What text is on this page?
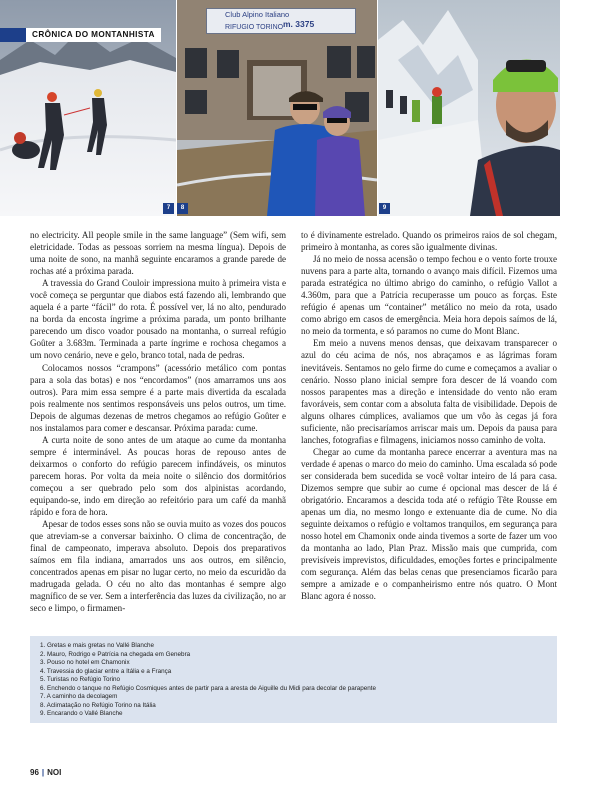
Club Alpino Italiano
m. 3375
RIFUGIO TORINO
CRÔNICA DO MONTANHISTA
7	8	9

no electricity. All people smile in the same language” (Sem wifi, sem eletricidade. Todas as pessoas sorriem na mesma língua). Depois de uma noite de sono, na manhã seguinte encaramos a grande parede de rochas até a próxima parada.

A travessia do Grand Couloir impressiona muito à primeira vista e você começa se perguntar que diabos está fazendo ali, lembrando que aquela é a parte “fácil” do rota. É possível ver, lá no alto, pendurado na borda da encosta íngrime a próxima parada, um ponto brilhante parecendo um disco voador pousado na montanha, o surreal refúgio Goûter a 3.683m. Terminada a parte íngrime e rochosa chegamos a um novo cenário, neve e gelo, branco total, nada de pedras.

Colocamos nossos “crampons” (acessório metálico com pontas para a sola das botas) e nos “encordamos” (nos amarramos uns aos outros). Para mim essa sempre é a parte mais divertida da escalada pois realmente nos sentimos responsáveis uns pelos outros, um time. Depois de algumas dezenas de metros chegamos ao refúgio Goûter e nos instalamos para comer e descansar. Próxima parada: cume.

A curta noite de sono antes de um ataque ao cume da montanha sempre é interminável. As poucas horas de repouso antes de deixarmos o conforto do refúgio parecem infindáveis, os minutos parecem horas. Por volta da meia noite o silêncio dos dormitórios começou a ser quebrado pelo som dos alpinistas acordando, equipando-se, indo em direção ao refeitório para um café da manhã rápido e fora de hora.

Apesar de todos esses sons não se ouvia muito as vozes dos poucos que atreviam-se a conversar baixinho. O clima de concentração, de final de campeonato, imperava absoluto. Depois dos preparativos saímos em fila indiana, amarrados uns aos outros, em silêncio, concentrados apenas em pisar no lugar certo, no meio da escuridão da madrugada gelada. O céu no alto das montanhas é sempre algo magnífico de se ver. Sem a interferência das luzes da civilização, no ar seco e limpo, o firmamen-

to é divinamente estrelado. Quando os primeiros raios de sol chegam, primeiro à montanha, as cores são igualmente divinas.

Já no meio de nossa acensão o tempo fechou e o vento forte trouxe nuvens para a parte alta, tornando o avanço mais difícil. Fizemos uma parada estratégica no último abrigo do caminho, o refúgio Vallot a 4.360m, para que a Patrícia recuperasse um pouco as forças. Este refúgio é apenas um “container” metálico no meio da rota, usado como abrigo em casos de emergência. Meia hora depois saímos de lá, no meio da tormenta, e só paramos no cume do Mont Blanc.

Em meio a nuvens menos densas, que deixavam transparecer o azul do céu acima de nós, nos abraçamos e as lágrimas foram inevitáveis. Sentamos no gelo firme do cume e começamos a avaliar o cenário. Nosso plano inicial sempre fora descer de lá voando com nossos parapentes mas a direção e intensidade do vento não eram favoráveis, sem contar com a absoluta falta de visibilidade. Depois de alguns olhares cúmplices, avaliamos que um vôo às cegas já fora suficiente, não precisaríamos arriscar mais um. Depois da pausa para lanches, fotografias e filmagens, iniciamos nosso caminho de volta.

Chegar ao cume da montanha parece encerrar a aventura mas na verdade é apenas o marco do meio do caminho. Uma escalada só pode ser considerada bem sucedida se você voltar inteiro de lá para casa. Dizemos sempre que subir ao cume é opcional mas descer de lá é obrigatório. Encaramos a descida toda até o refúgio Tête Rousse em apenas um dia, no mesmo longo e extenuante dia de cume. No dia seguinte deixamos o refúgio e voltamos tranquilos, em segurança para nosso hotel em Chamonix onde ainda tivemos a sorte de fazer um voo da montanha ao lado, Plan Praz. Missão mais que cumprida, com previsíveis imprevistos, dificuldades, emoções fortes e principalmente com segurança. Além das belas cenas que presenciamos ficarão para sempre a amizade e o companheirismo entre nós quatro. O Mont Blanc agora é nosso.

1. Gretas e mais gretas no Vallé Blanche
2. Mauro, Rodrigo e Patrícia na chegada em Genebra
3. Pouso no hotel em Chamonix
4. Travessia do glaciar entre a Itália e a França
5. Turistas no Refúgio Torino
6. Enchendo o tanque no Refúgio Cosmiques antes de partir para a aresta de Aiguille du Midi para decolar de parapente
7. A caminho da decolagem
8. Aclimatação no Refúgio Torino na Itália
9. Encarando o Vallé Blanche
96 | NOI
